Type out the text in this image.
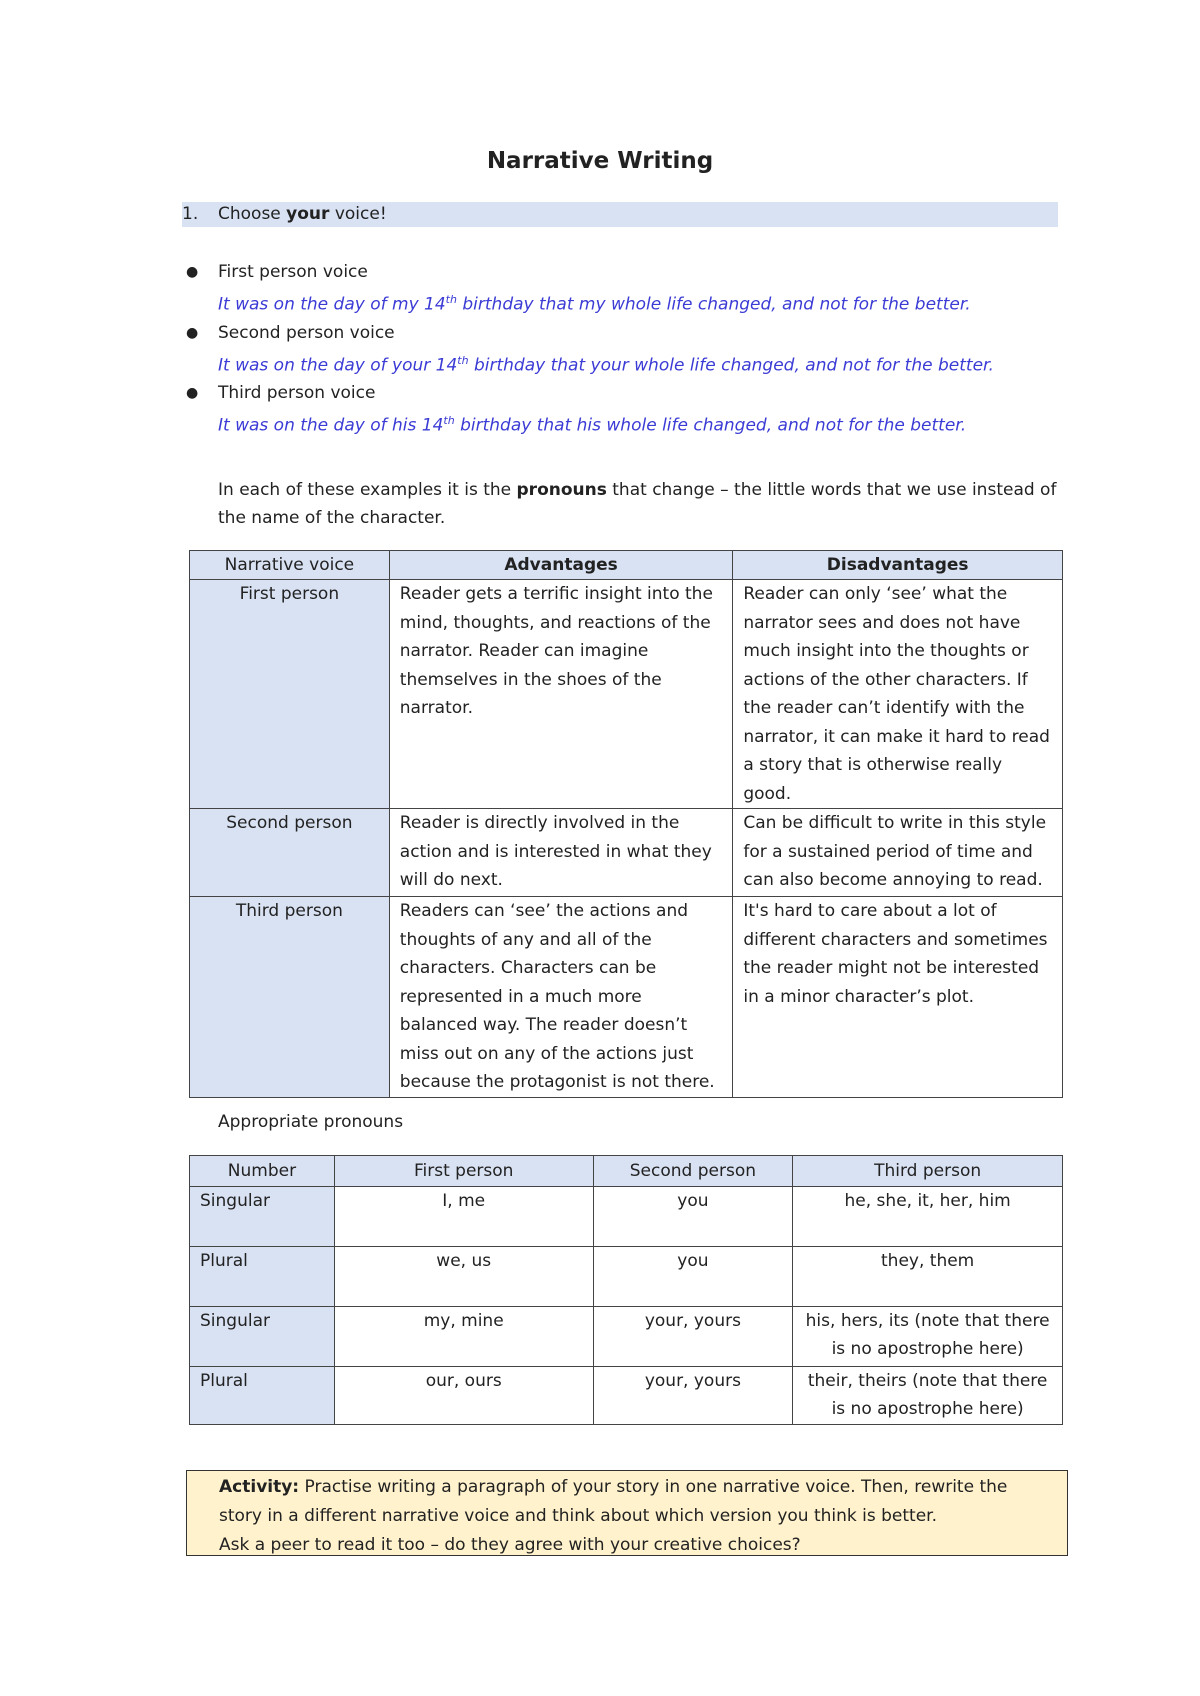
Narrative Writing
1. Choose your voice!
● First person voice
It was on the day of my 14th birthday that my whole life changed, and not for the better.
● Second person voice
It was on the day of your 14th birthday that your whole life changed, and not for the better.
● Third person voice
It was on the day of his 14th birthday that his whole life changed, and not for the better.
In each of these examples it is the pronouns that change – the little words that we use instead of the name of the character.
Narrative voice	Advantages	Disadvantages
First person	Reader gets a terrific insight into the mind, thoughts, and reactions of the narrator. Reader can imagine themselves in the shoes of the narrator.	Reader can only ‘see’ what the narrator sees and does not have much insight into the thoughts or actions of the other characters. If the reader can’t identify with the narrator, it can make it hard to read a story that is otherwise really good.
Second person	Reader is directly involved in the action and is interested in what they will do next.	Can be difficult to write in this style for a sustained period of time and can also become annoying to read.
Third person	Readers can ‘see’ the actions and thoughts of any and all of the characters. Characters can be represented in a much more balanced way. The reader doesn’t miss out on any of the actions just because the protagonist is not there.	It's hard to care about a lot of different characters and sometimes the reader might not be interested in a minor character’s plot.
Appropriate pronouns
Number	First person	Second person	Third person
Singular	I, me	you	he, she, it, her, him
Plural	we, us	you	they, them
Singular	my, mine	your, yours	his, hers, its (note that there is no apostrophe here)
Plural	our, ours	your, yours	their, theirs (note that there is no apostrophe here)
Activity: Practise writing a paragraph of your story in one narrative voice. Then, rewrite the story in a different narrative voice and think about which version you think is better.
Ask a peer to read it too – do they agree with your creative choices?
